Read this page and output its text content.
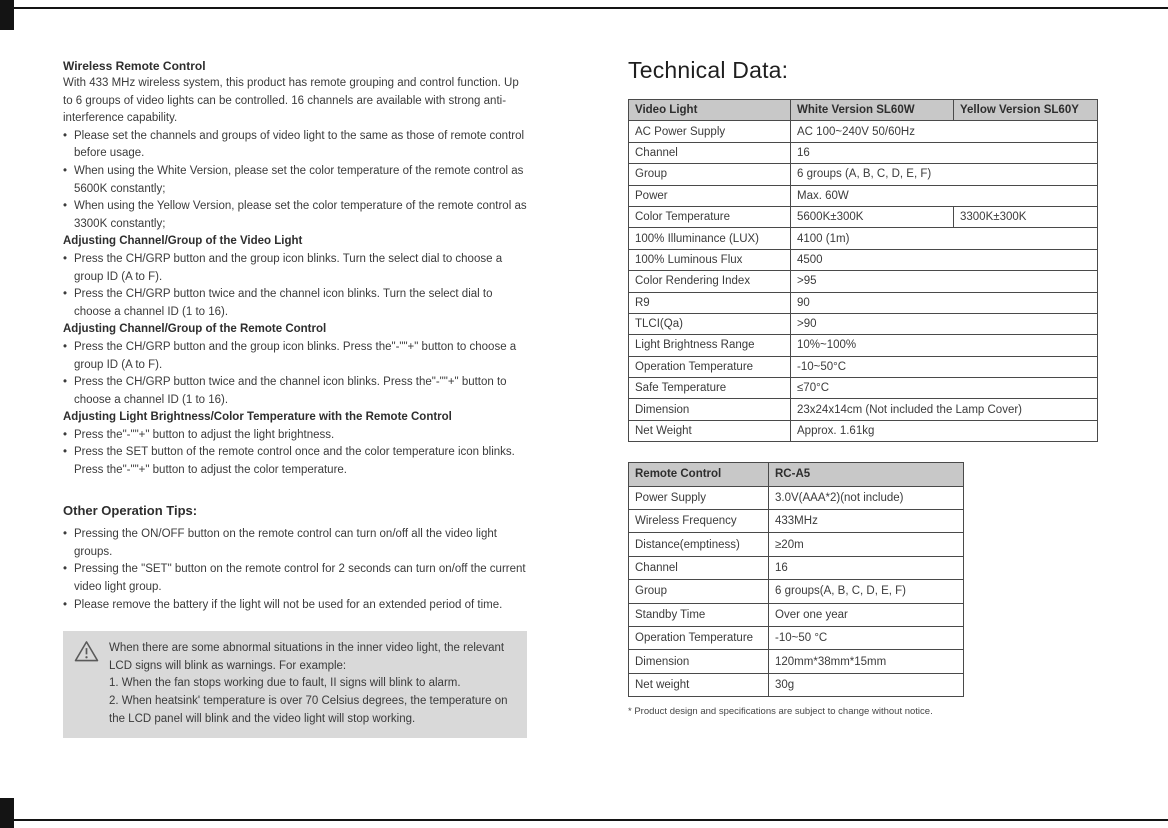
Wireless Remote Control

With 433 MHz wireless system, this product has remote grouping and control function. Up to 6 groups of video lights can be controlled. 16 channels are available with strong anti-interference capability.

• Please set the channels and groups of video light to the same as those of remote control before usage.
• When using the White Version, please set the color temperature of the remote control as 5600K constantly;
• When using the Yellow Version, please set the color temperature of the remote control as 3300K constantly;
Adjusting Channel/Group of the Video Light
• Press the CH/GRP button and the group icon blinks. Turn the select dial to choose a group ID (A to F).
• Press the CH/GRP button twice and the channel icon blinks. Turn the select dial to choose a channel ID (1 to 16).
Adjusting Channel/Group of the Remote Control
• Press the CH/GRP button and the group icon blinks. Press the"-""+" button to choose a group ID (A to F).
• Press the CH/GRP button twice and the channel icon blinks. Press the"-""+" button to choose a channel ID (1 to 16).
Adjusting Light Brightness/Color Temperature with the Remote Control
• Press the"-""+" button to adjust the light brightness.
• Press the SET button of the remote control once and the color temperature icon blinks. Press the"-""+" button to adjust the color temperature.
Other Operation Tips:
• Pressing the ON/OFF button on the remote control can turn on/off all the video light groups.
• Pressing the "SET" button on the remote control for 2 seconds can turn on/off the current video light group.
• Please remove the battery if the light will not be used for an extended period of time.

When there are some abnormal situations in the inner video light, the relevant LCD signs will blink as warnings. For example:

1. When the fan stops working due to fault, II signs will blink to alarm.

2. When heatsink' temperature is over 70 Celsius degrees, the temperature on the LCD panel will blink and the video light will stop working.

Technical Data:
Video Light	White Version SL60W	Yellow Version SL60Y
AC Power Supply	AC 100~240V 50/60Hz	
Channel	16	
Group	6 groups (A, B, C, D, E, F)	
Power	Max. 60W	
Color Temperature	5600K±300K	3300K±300K
100% Illuminance (LUX)	4100 (1m)	
100% Luminous Flux	4500	
Color Rendering Index	>95	
R9	90	
TLCI(Qa)	>90	
Light Brightness Range	10%~100%	
Operation Temperature	-10~50°C	
Safe Temperature	≤70°C	
Dimension	23x24x14cm (Not included the Lamp Cover)	
Net Weight	Approx. 1.61kg	
Remote Control	RC-A5
Power Supply	3.0V(AAA*2)(not include)
Wireless Frequency	433MHz
Distance(emptiness)	≥20m
Channel	16
Group	6 groups(A, B, C, D, E, F)
Standby Time	Over one year
Operation Temperature	-10~50 °C
Dimension	120mm*38mm*15mm
Net weight	30g

* Product design and specifications are subject to change without notice.
